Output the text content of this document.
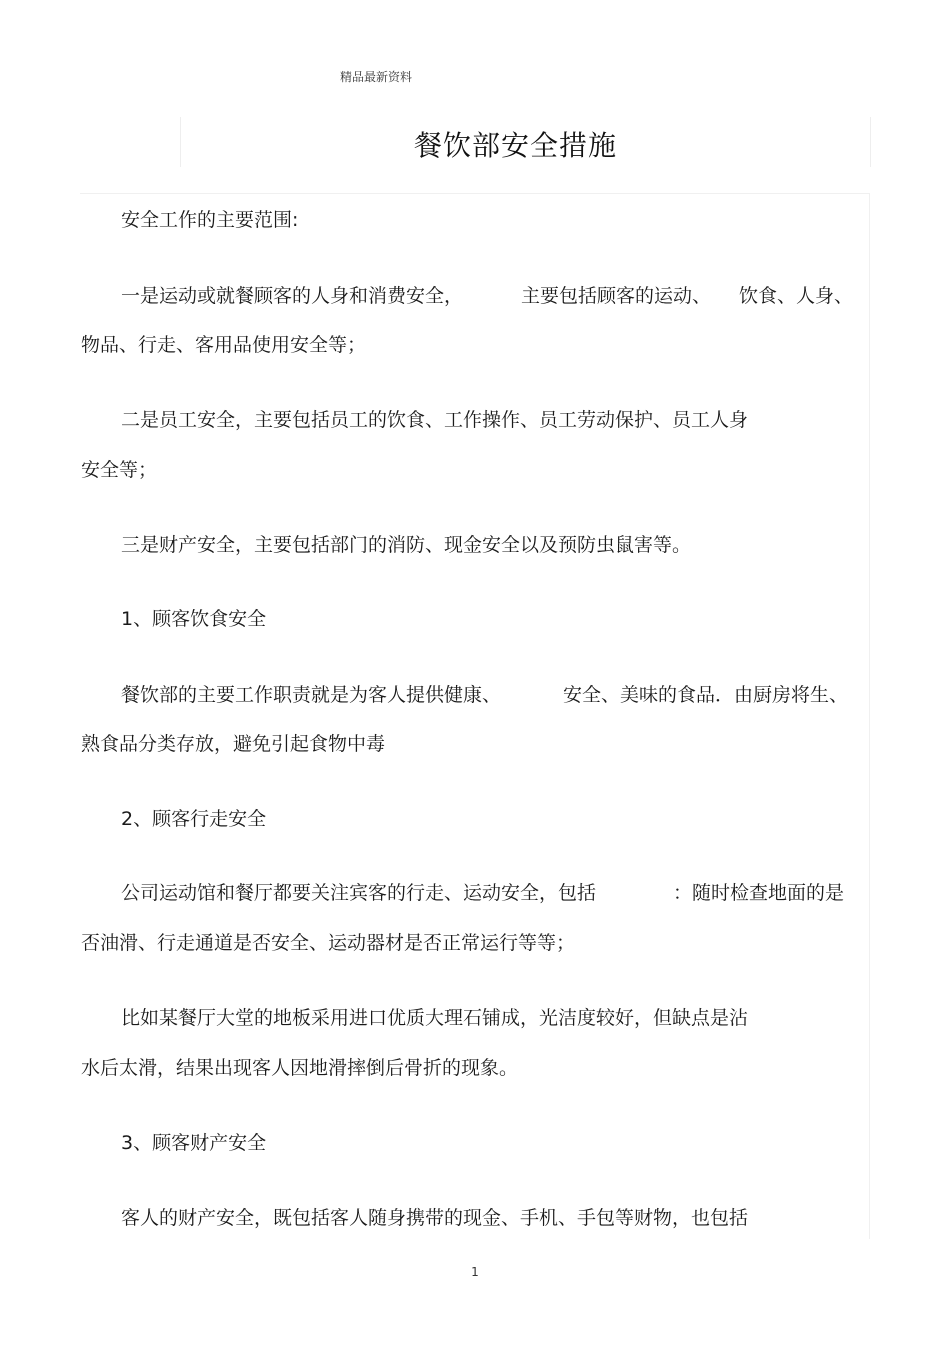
精品最新资料
餐饮部安全措施
安全工作的主要范围:
一是运动或就餐顾客的人身和消费安全，	主要包括顾客的运动、 饮食、人身、
物品、行走、客用品使用安全等；
二是员工安全，主要包括员工的饮食、工作操作、员工劳动保护、员工人身
安全等；
三是财产安全，主要包括部门的消防、现金安全以及预防虫鼠害等。
1、顾客饮食安全
餐饮部的主要工作职责就是为客人提供健康、	安全、美味的食品．由厨房将生、
熟食品分类存放，避免引起食物中毒
2、顾客行走安全
公司运动馆和餐厅都要关注宾客的行走、运动安全，包括	：随时检查地面的是
否油滑、行走通道是否安全、运动器材是否正常运行等等；
比如某餐厅大堂的地板采用进口优质大理石铺成，光洁度较好，但缺点是沾
水后太滑，结果出现客人因地滑摔倒后骨折的现象。
3、顾客财产安全
客人的财产安全，既包括客人随身携带的现金、手机、手包等财物，也包括
1
